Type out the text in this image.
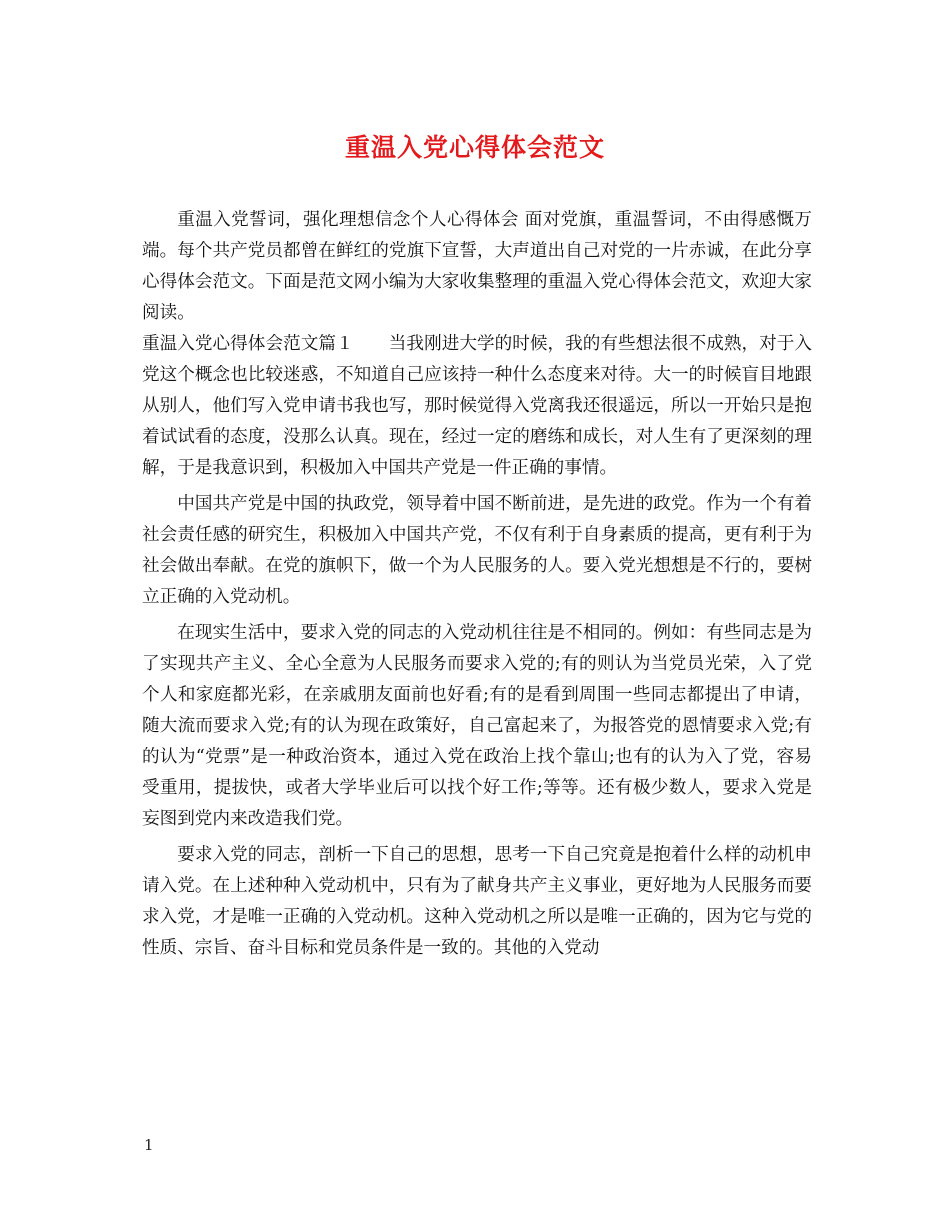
重温入党心得体会范文

重温入党誓词，强化理想信念个人心得体会 面对党旗，重温誓词，不由得感慨万端。每个共产党员都曾在鲜红的党旗下宣誓，大声道出自己对党的一片赤诚，在此分享心得体会范文。下面是范文网小编为大家收集整理的重温入党心得体会范文，欢迎大家阅读。

重温入党心得体会范文篇１ 当我刚进大学的时候，我的有些想法很不成熟，对于入党这个概念也比较迷惑，不知道自己应该持一种什么态度来对待。大一的时候盲目地跟从别人，他们写入党申请书我也写，那时候觉得入党离我还很遥远，所以一开始只是抱着试试看的态度，没那么认真。现在，经过一定的磨练和成长，对人生有了更深刻的理解，于是我意识到，积极加入中国共产党是一件正确的事情。

中国共产党是中国的执政党，领导着中国不断前进，是先进的政党。作为一个有着社会责任感的研究生，积极加入中国共产党，不仅有利于自身素质的提高，更有利于为社会做出奉献。在党的旗帜下，做一个为人民服务的人。要入党光想想是不行的，要树立正确的入党动机。

在现实生活中，要求入党的同志的入党动机往往是不相同的。例如：有些同志是为了实现共产主义、全心全意为人民服务而要求入党的;有的则认为当党员光荣，入了党个人和家庭都光彩，在亲戚朋友面前也好看;有的是看到周围一些同志都提出了申请，随大流而要求入党;有的认为现在政策好，自己富起来了，为报答党的恩情要求入党;有的认为“党票”是一种政治资本，通过入党在政治上找个靠山;也有的认为入了党，容易受重用，提拔快，或者大学毕业后可以找个好工作;等等。还有极少数人，要求入党是妄图到党内来改造我们党。

要求入党的同志，剖析一下自己的思想，思考一下自己究竟是抱着什么样的动机申请入党。在上述种种入党动机中，只有为了献身共产主义事业，更好地为人民服务而要求入党，才是唯一正确的入党动机。这种入党动机之所以是唯一正确的，因为它与党的性质、宗旨、奋斗目标和党员条件是一致的。其他的入党动

1
